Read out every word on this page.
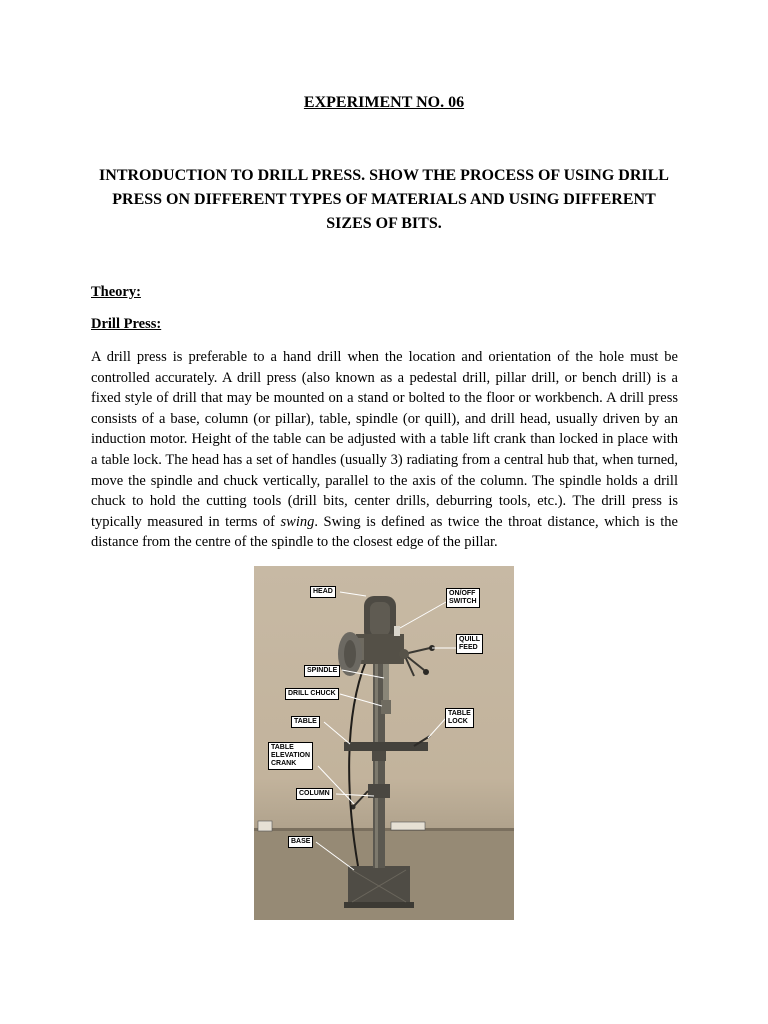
EXPERIMENT NO. 06
INTRODUCTION TO DRILL PRESS. SHOW THE PROCESS OF USING DRILL PRESS ON DIFFERENT TYPES OF MATERIALS AND USING DIFFERENT SIZES OF BITS.
Theory:
Drill Press:
A drill press is preferable to a hand drill when the location and orientation of the hole must be controlled accurately. A drill press (also known as a pedestal drill, pillar drill, or bench drill) is a fixed style of drill that may be mounted on a stand or bolted to the floor or workbench. A drill press consists of a base, column (or pillar), table, spindle (or quill), and drill head, usually driven by an induction motor. Height of the table can be adjusted with a table lift crank than locked in place with a table lock. The head has a set of handles (usually 3) radiating from a central hub that, when turned, move the spindle and chuck vertically, parallel to the axis of the column. The spindle holds a drill chuck to hold the cutting tools (drill bits, center drills, deburring tools, etc.). The drill press is typically measured in terms of swing. Swing is defined as twice the throat distance, which is the distance from the centre of the spindle to the closest edge of the pillar.
HEAD	ON/OFF
SWITCH
QUILL
FEED
SPINDLE
DRILL CHUCK
TABLE
TABLE
LOCK
TABLE
ELEVATION
CRANK
COLUMN
BASE
